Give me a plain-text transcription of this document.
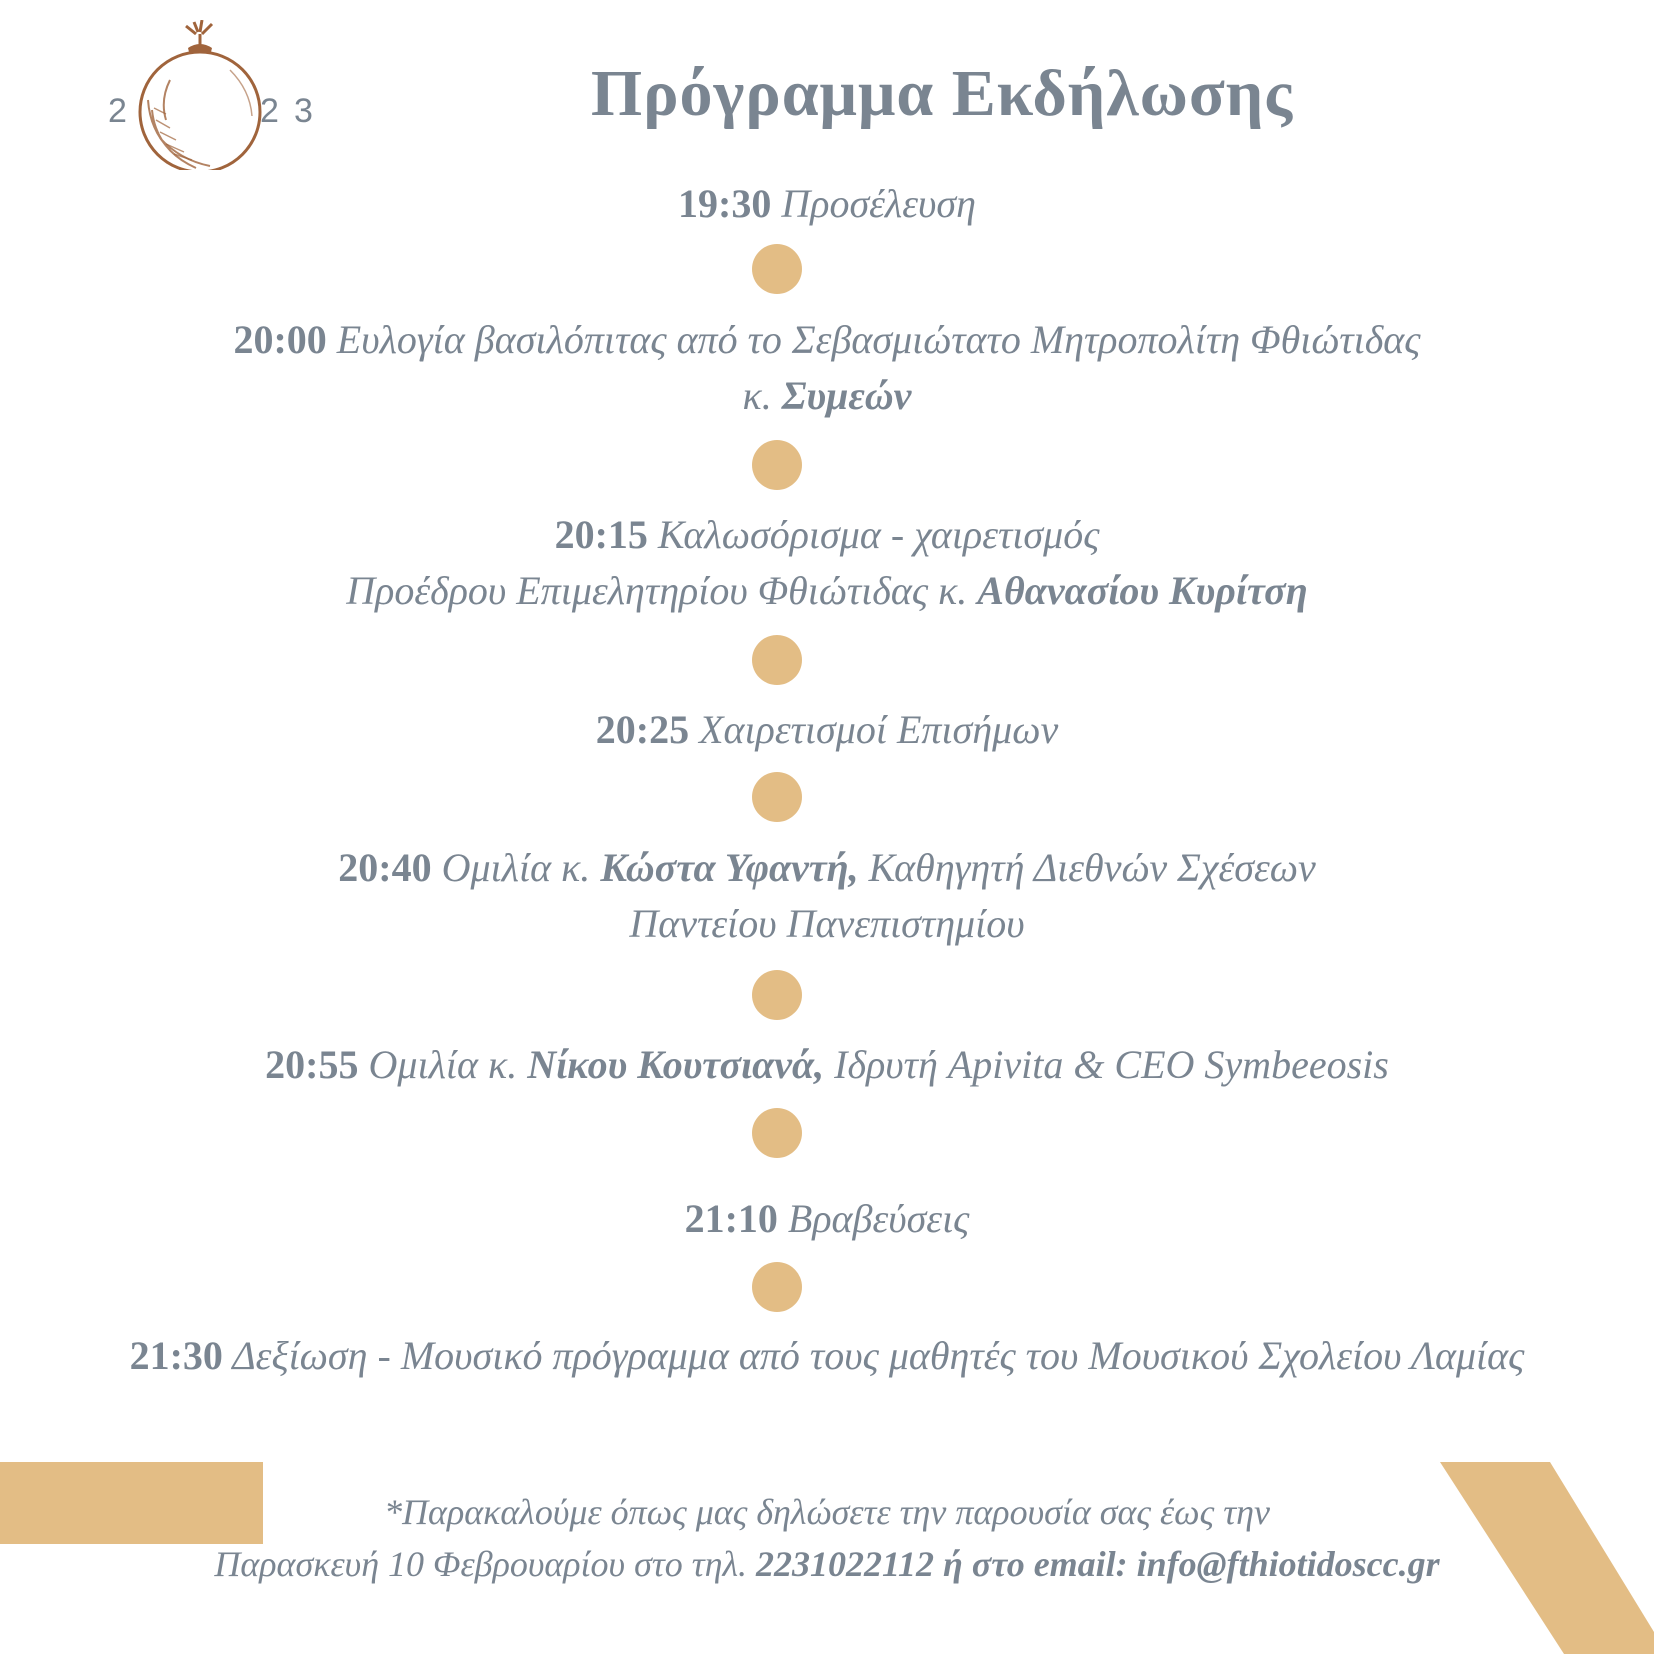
2	2 3	Πρόγραμμα Εκδήλωσης
19:30 Προσέλευση
20:00 Ευλογία βασιλόπιτας από το Σεβασμιώτατο Μητροπολίτη Φθιώτιδας
κ. Συμεών
20:15 Καλωσόρισμα - χαιρετισμός
Προέδρου Επιμελητηρίου Φθιώτιδας κ. Αθανασίου Κυρίτση
20:25 Χαιρετισμοί Επισήμων
20:40 Ομιλία κ. Κώστα Υφαντή, Καθηγητή Διεθνών Σχέσεων
Παντείου Πανεπιστημίου
20:55 Ομιλία κ. Νίκου Κουτσιανά, Ιδρυτή Apivita & CEO Symbeeosis
21:10 Βραβεύσεις
21:30 Δεξίωση - Μουσικό πρόγραμμα από τους μαθητές του Μουσικού Σχολείου Λαμίας
*Παρακαλούμε όπως μας δηλώσετε την παρουσία σας έως την
Παρασκευή 10 Φεβρουαρίου στο τηλ. 2231022112 ή στο email: info@fthiotidoscc.gr
